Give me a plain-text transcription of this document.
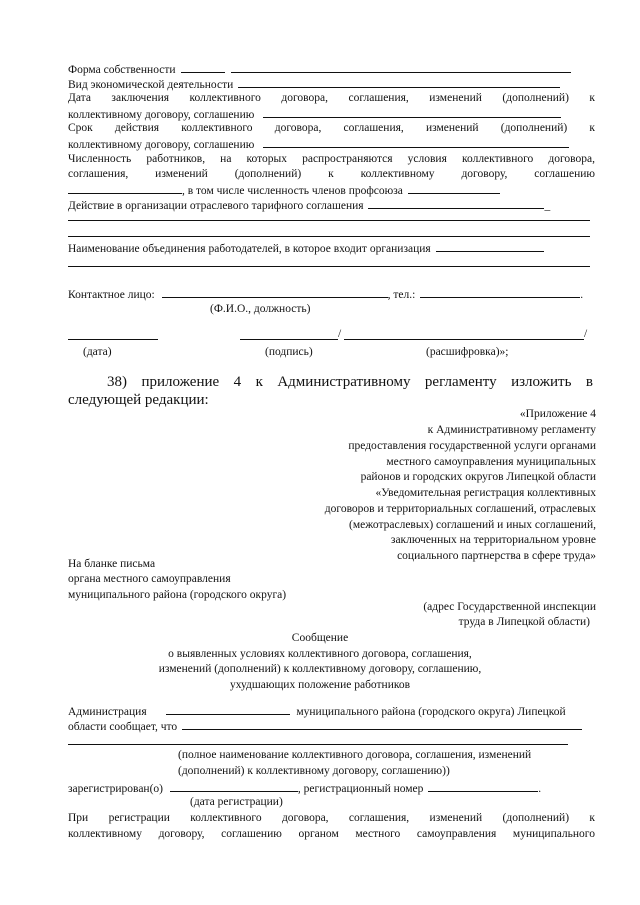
Форма собственности
Вид экономической деятельности
Дата заключения коллективного договора, соглашения, изменений (дополнений) к
коллективному договору, соглашению
Срок действия коллективного договора, соглашения, изменений (дополнений) к
коллективному договору, соглашению
Численность работников, на которых распространяются условия коллективного договора,
соглашения, изменений (дополнений) к коллективному договору, соглашению
, в том числе численность членов профсоюза
Действие в организации отраслевого тарифного соглашения	_
Наименование объединения работодателей, в которое входит организация
Контактное лицо:	, тел.:	.
(Ф.И.О., должность)
/	/
(дата)	(подпись)	(расшифровка)»;
38) приложение 4 к Административному регламенту изложить в
следующей редакции:
«Приложение 4
к Административному регламенту
предоставления государственной услуги органами
местного самоуправления муниципальных
районов и городских округов Липецкой области
«Уведомительная регистрация коллективных
договоров и территориальных соглашений, отраслевых
(межотраслевых) соглашений и иных соглашений,
заключенных на территориальном уровне
социального партнерства в сфере труда»
На бланке письма
органа местного самоуправления
муниципального района (городского округа)
(адрес Государственной инспекции
труда в Липецкой области)
Сообщение
о выявленных условиях коллективного договора, соглашения,
изменений (дополнений) к коллективному договору, соглашению,
ухудшающих положение работников
Администрация	муниципального района (городского округа) Липецкой
области сообщает, что
(полное наименование коллективного договора, соглашения, изменений
(дополнений) к коллективному договору, соглашению))
зарегистрирован(о)	, регистрационный номер	.
(дата регистрации)
При регистрации коллективного договора, соглашения, изменений (дополнений) к
коллективному договору, соглашению органом местного самоуправления муниципального
